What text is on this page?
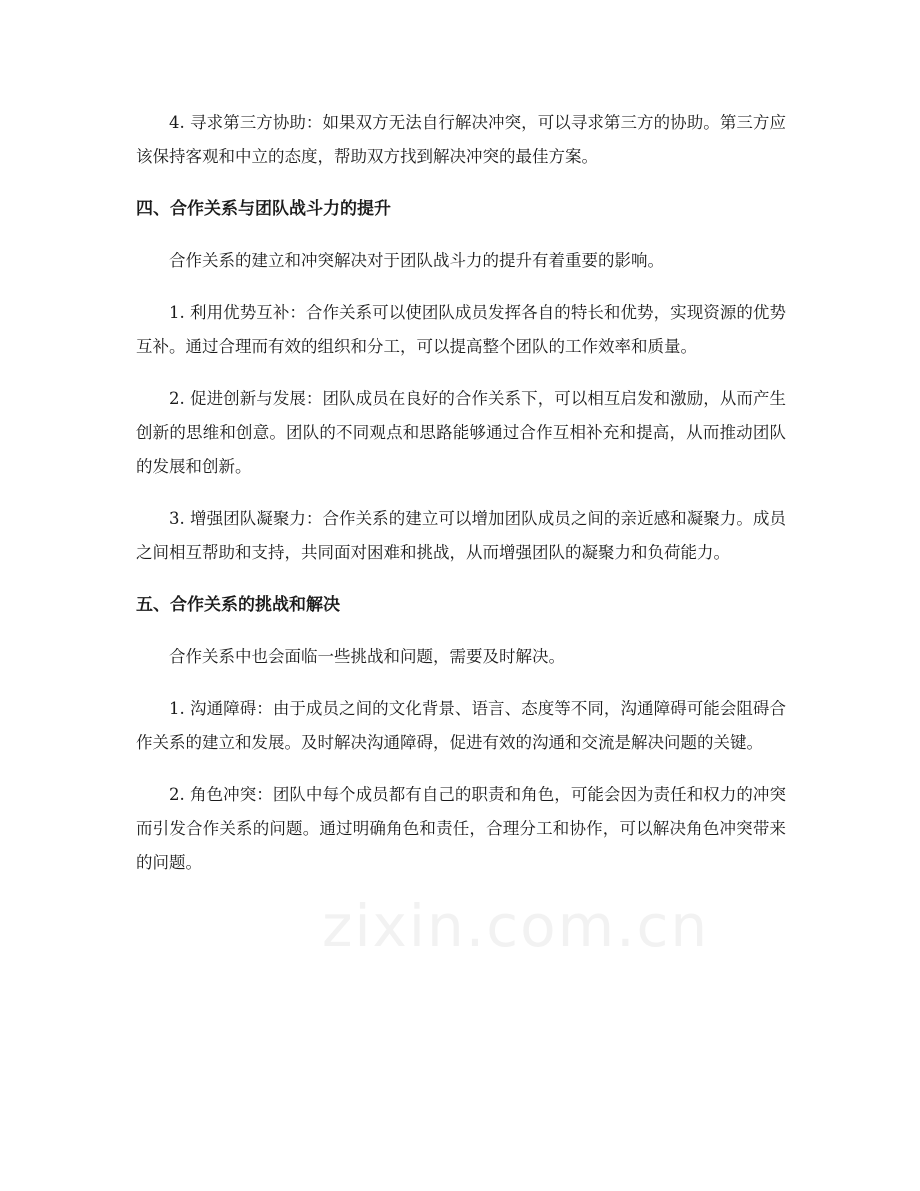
4. 寻求第三方协助：如果双方无法自行解决冲突，可以寻求第三方的协助。第三方应该保持客观和中立的态度，帮助双方找到解决冲突的最佳方案。

四、合作关系与团队战斗力的提升

合作关系的建立和冲突解决对于团队战斗力的提升有着重要的影响。

1. 利用优势互补：合作关系可以使团队成员发挥各自的特长和优势，实现资源的优势互补。通过合理而有效的组织和分工，可以提高整个团队的工作效率和质量。

2. 促进创新与发展：团队成员在良好的合作关系下，可以相互启发和激励，从而产生创新的思维和创意。团队的不同观点和思路能够通过合作互相补充和提高，从而推动团队的发展和创新。

3. 增强团队凝聚力：合作关系的建立可以增加团队成员之间的亲近感和凝聚力。成员之间相互帮助和支持，共同面对困难和挑战，从而增强团队的凝聚力和负荷能力。

五、合作关系的挑战和解决

合作关系中也会面临一些挑战和问题，需要及时解决。

1. 沟通障碍：由于成员之间的文化背景、语言、态度等不同，沟通障碍可能会阻碍合作关系的建立和发展。及时解决沟通障碍，促进有效的沟通和交流是解决问题的关键。

2. 角色冲突：团队中每个成员都有自己的职责和角色，可能会因为责任和权力的冲突而引发合作关系的问题。通过明确角色和责任，合理分工和协作，可以解决角色冲突带来的问题。

zixin.com.cn
